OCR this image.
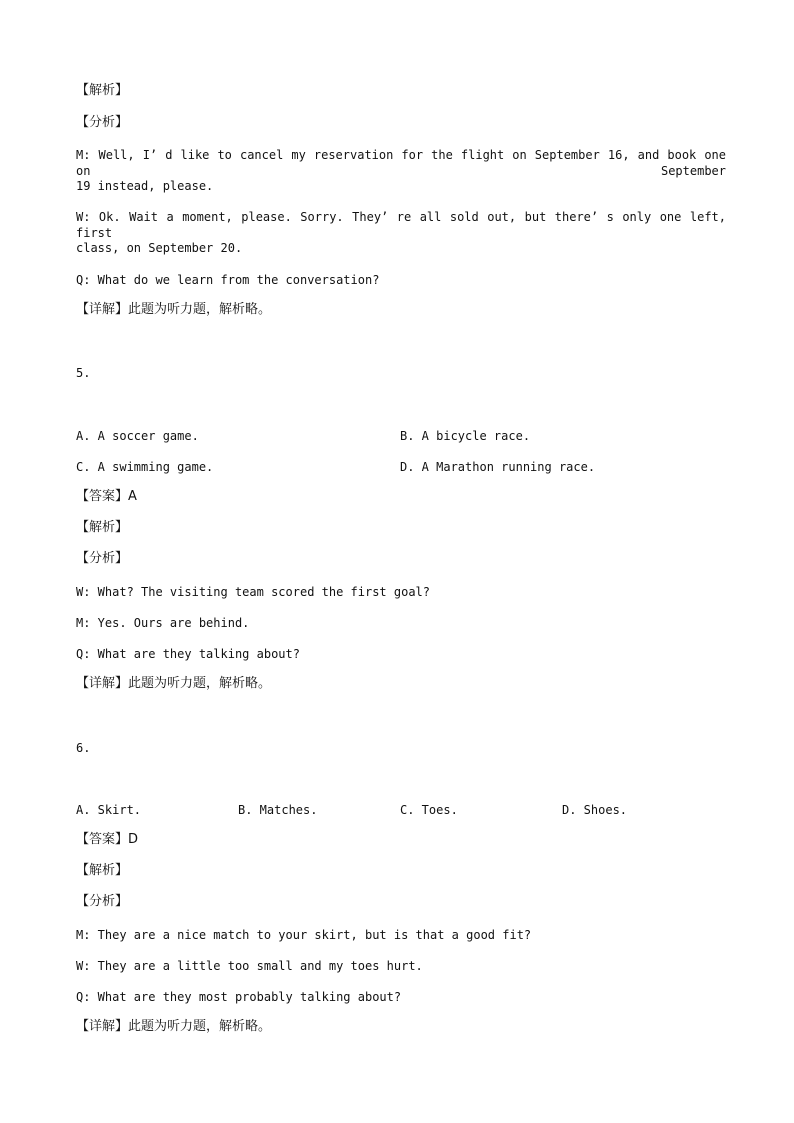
【解析】
【分析】
M: Well, I’ d like to cancel my reservation for the flight on September 16, and book one on September
19 instead, please.
W: Ok. Wait a moment, please. Sorry. They’ re all sold out, but there’ s only one left, first
class, on September 20.
Q: What do we learn from the conversation?
【详解】此题为听力题，解析略。
5.
A. A soccer game.	B. A bicycle race.
C. A swimming game.	D. A Marathon running race.
【答案】A
【解析】
【分析】
W: What? The visiting team scored the first goal?
M: Yes. Ours are behind.
Q: What are they talking about?
【详解】此题为听力题，解析略。
6.
A. Skirt.	B. Matches.	C. Toes.	D. Shoes.
【答案】D
【解析】
【分析】
M: They are a nice match to your skirt, but is that a good fit?
W: They are a little too small and my toes hurt.
Q: What are they most probably talking about?
【详解】此题为听力题，解析略。
